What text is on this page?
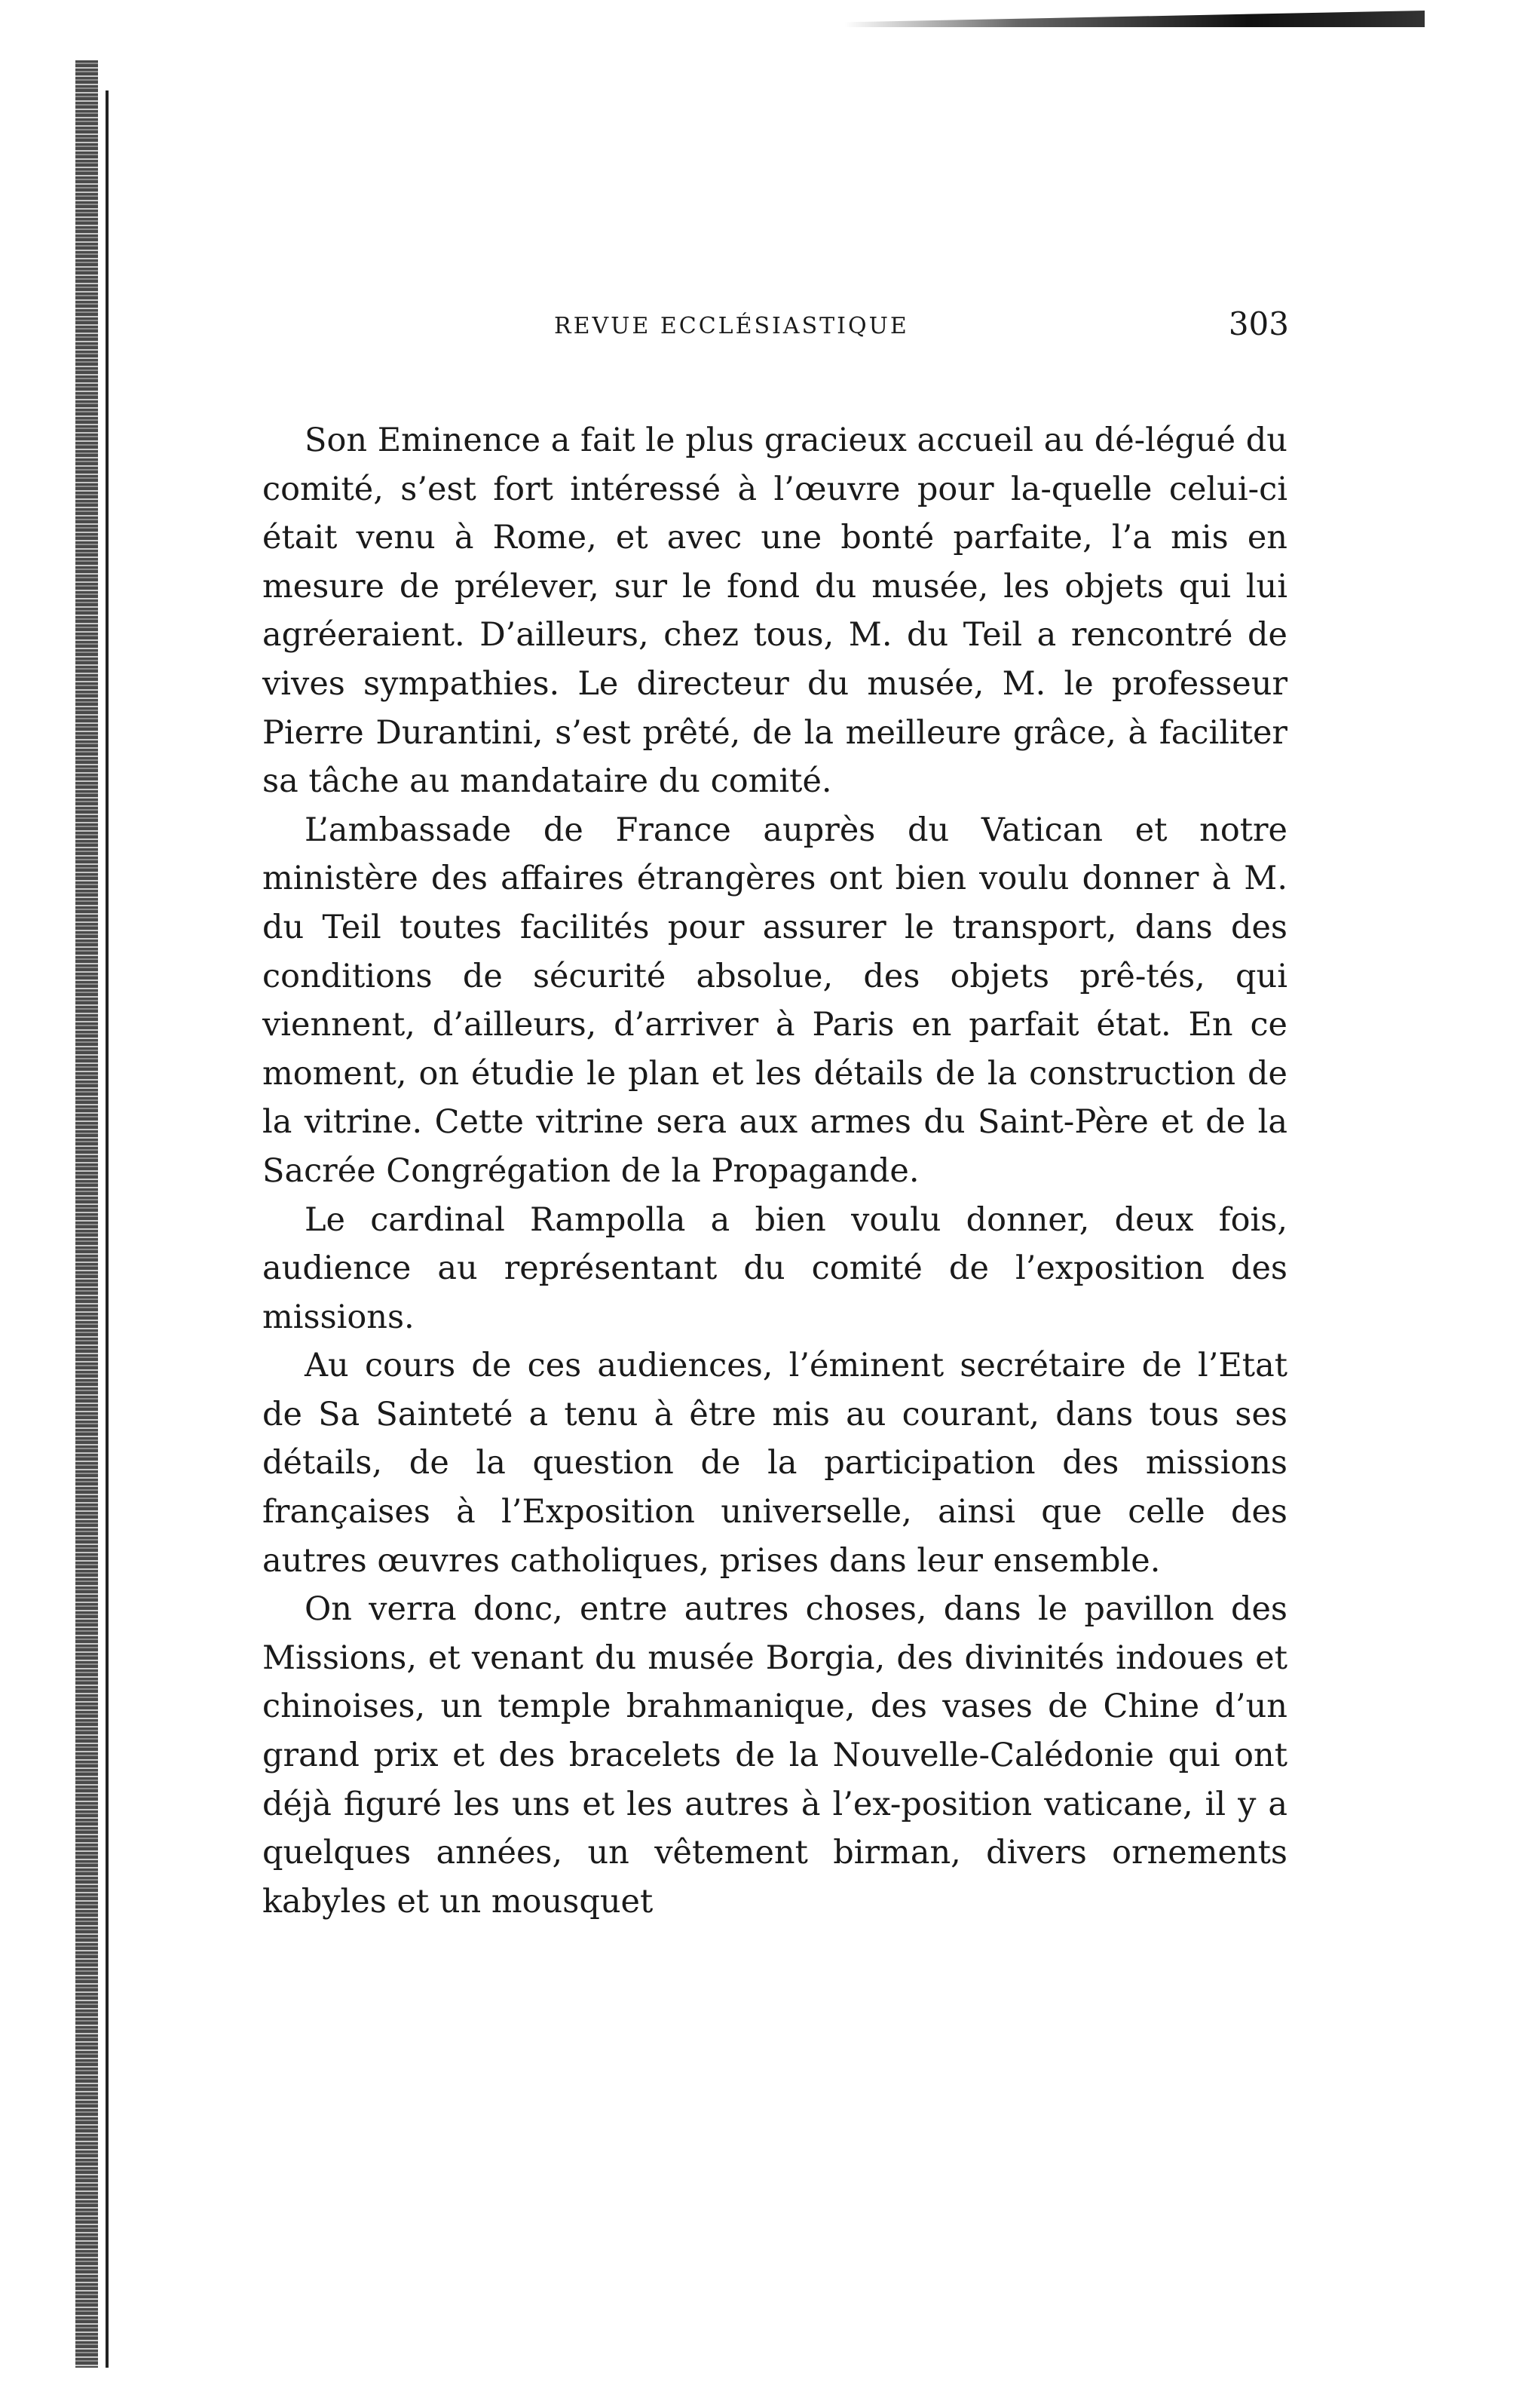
REVUE ECCLÉSIASTIQUE	303

Son Eminence a fait le plus gracieux accueil au dé-légué du comité, s’est fort intéressé à l’œuvre pour la-quelle celui-ci était venu à Rome, et avec une bonté parfaite, l’a mis en mesure de prélever, sur le fond du musée, les objets qui lui agréeraient. D’ailleurs, chez tous, M. du Teil a rencontré de vives sympathies. Le directeur du musée, M. le professeur Pierre Durantini, s’est prêté, de la meilleure grâce, à faciliter sa tâche au mandataire du comité.

L’ambassade de France auprès du Vatican et notre ministère des affaires étrangères ont bien voulu donner à M. du Teil toutes facilités pour assurer le transport, dans des conditions de sécurité absolue, des objets prê-tés, qui viennent, d’ailleurs, d’arriver à Paris en parfait état. En ce moment, on étudie le plan et les détails de la construction de la vitrine. Cette vitrine sera aux armes du Saint-Père et de la Sacrée Congrégation de la Propagande.

Le cardinal Rampolla a bien voulu donner, deux fois, audience au représentant du comité de l’exposition des missions.

Au cours de ces audiences, l’éminent secrétaire de l’Etat de Sa Sainteté a tenu à être mis au courant, dans tous ses détails, de la question de la participation des missions françaises à l’Exposition universelle, ainsi que celle des autres œuvres catholiques, prises dans leur ensemble.

On verra donc, entre autres choses, dans le pavillon des Missions, et venant du musée Borgia, des divinités indoues et chinoises, un temple brahmanique, des vases de Chine d’un grand prix et des bracelets de la Nouvelle-Calédonie qui ont déjà figuré les uns et les autres à l’ex-position vaticane, il y a quelques années, un vêtement birman, divers ornements kabyles et un mousquet
